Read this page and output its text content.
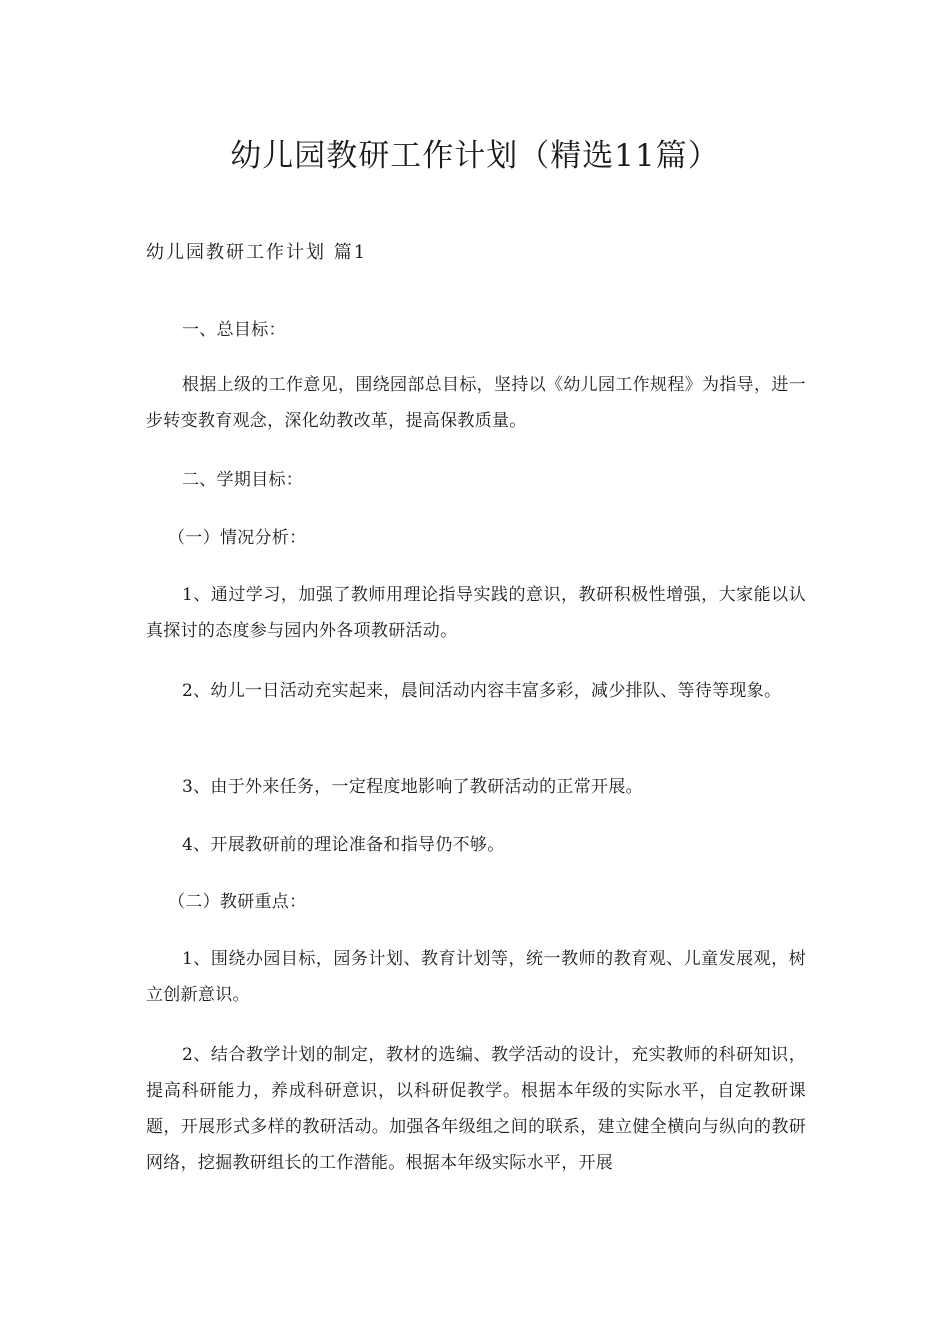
幼儿园教研工作计划（精选11篇）
幼儿园教研工作计划 篇1

一、总目标：

根据上级的工作意见，围绕园部总目标，坚持以《幼儿园工作规程》为指导，进一步转变教育观念，深化幼教改革，提高保教质量。

二、学期目标：

（一）情况分析：

1、通过学习，加强了教师用理论指导实践的意识，教研积极性增强，大家能以认真探讨的态度参与园内外各项教研活动。

2、幼儿一日活动充实起来，晨间活动内容丰富多彩，减少排队、等待等现象。

3、由于外来任务，一定程度地影响了教研活动的正常开展。

4、开展教研前的理论准备和指导仍不够。

（二）教研重点：

1、围绕办园目标，园务计划、教育计划等，统一教师的教育观、儿童发展观，树立创新意识。

2、结合教学计划的制定，教材的选编、教学活动的设计，充实教师的科研知识，提高科研能力，养成科研意识，以科研促教学。根据本年级的实际水平，自定教研课题，开展形式多样的教研活动。加强各年级组之间的联系，建立健全横向与纵向的教研网络，挖掘教研组长的工作潜能。根据本年级实际水平，开展
